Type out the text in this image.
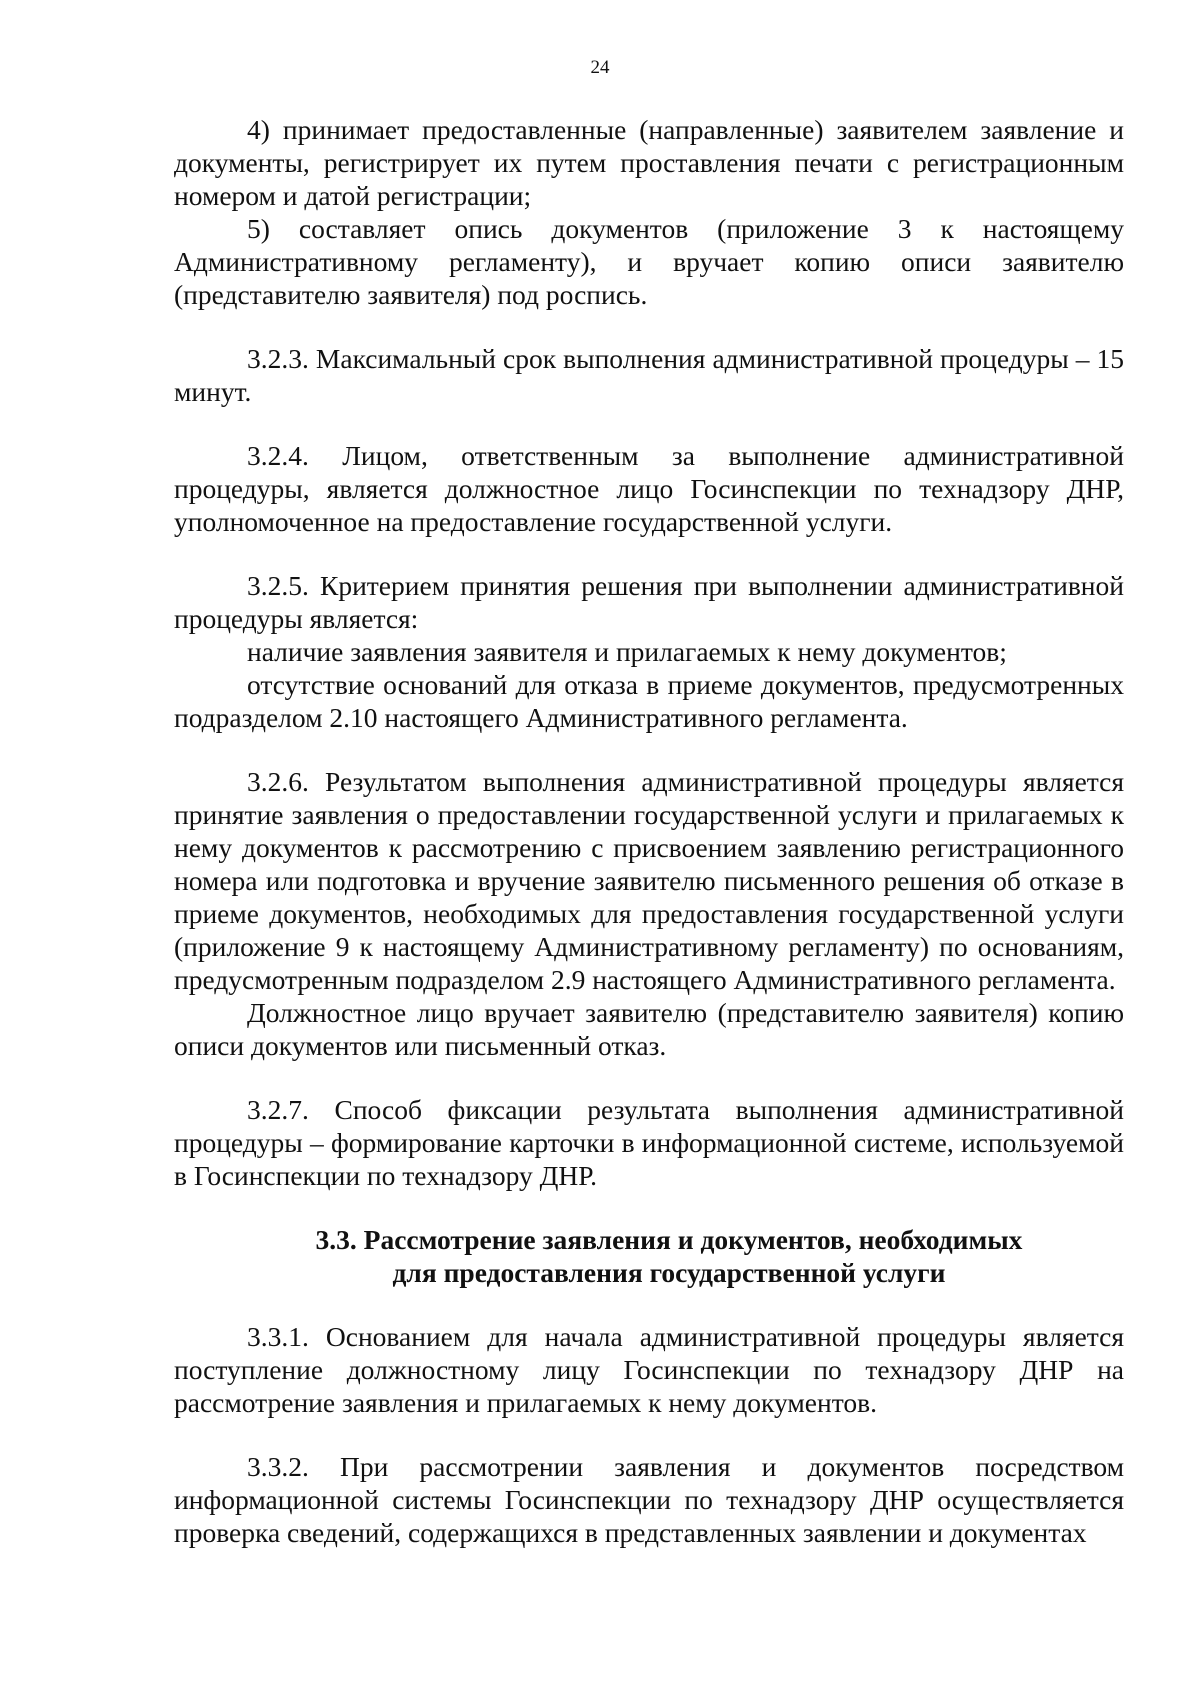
24

4) принимает предоставленные (направленные) заявителем заявление и документы, регистрирует их путем проставления печати с регистрационным номером и датой регистрации;

5) составляет опись документов (приложение 3 к настоящему Административному регламенту), и вручает копию описи заявителю (представителю заявителя) под роспись.

3.2.3. Максимальный срок выполнения административной процедуры – 15 минут.

3.2.4. Лицом, ответственным за выполнение административной процедуры, является должностное лицо Госинспекции по технадзору ДНР, уполномоченное на предоставление государственной услуги.

3.2.5. Критерием принятия решения при выполнении административной процедуры является:

наличие заявления заявителя и прилагаемых к нему документов;

отсутствие оснований для отказа в приеме документов, предусмотренных подразделом 2.10 настоящего Административного регламента.

3.2.6. Результатом выполнения административной процедуры является принятие заявления о предоставлении государственной услуги и прилагаемых к нему документов к рассмотрению с присвоением заявлению регистрационного номера или подготовка и вручение заявителю письменного решения об отказе в приеме документов, необходимых для предоставления государственной услуги (приложение 9 к настоящему Административному регламенту) по основаниям, предусмотренным подразделом 2.9 настоящего Административного регламента.

Должностное лицо вручает заявителю (представителю заявителя) копию описи документов или письменный отказ.

3.2.7. Способ фиксации результата выполнения административной процедуры – формирование карточки в информационной системе, используемой в Госинспекции по технадзору ДНР.

3.3. Рассмотрение заявления и документов, необходимых
для предоставления государственной услуги

3.3.1. Основанием для начала административной процедуры является поступление должностному лицу Госинспекции по технадзору ДНР на рассмотрение заявления и прилагаемых к нему документов.

3.3.2. При рассмотрении заявления и документов посредством информационной системы Госинспекции по технадзору ДНР осуществляется проверка сведений, содержащихся в представленных заявлении и документах
